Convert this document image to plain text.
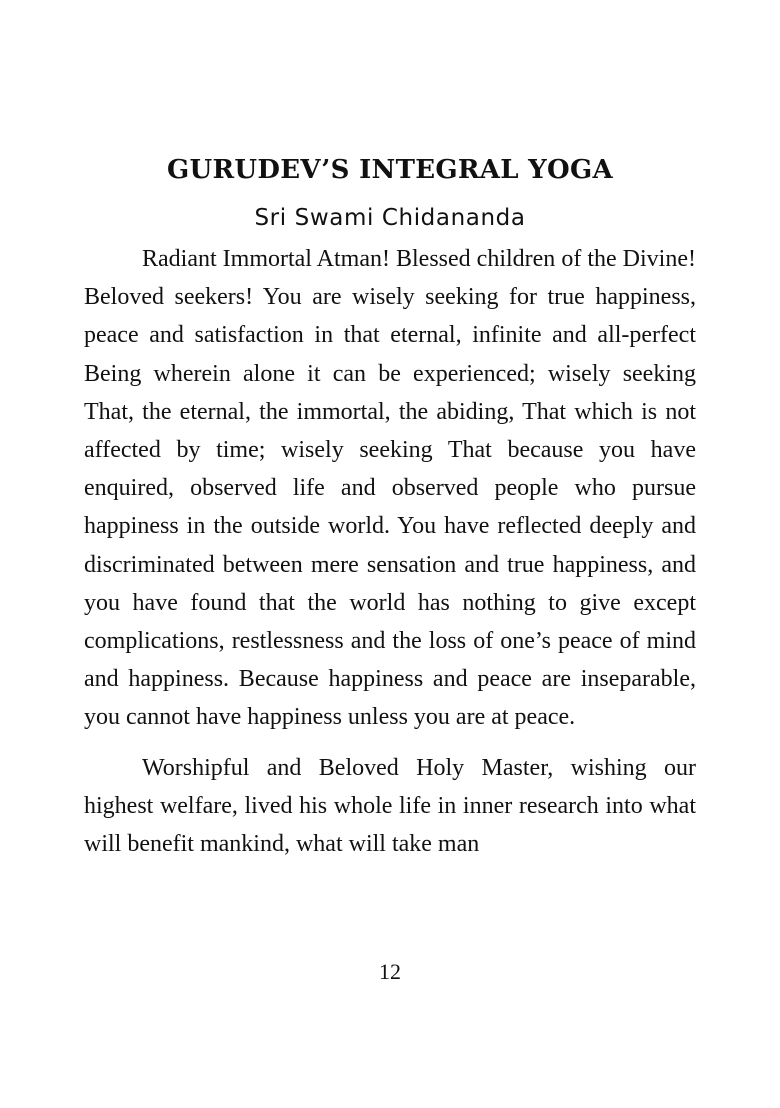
GURUDEV’S INTEGRAL YOGA
Sri Swami Chidananda

Radiant Immortal Atman! Blessed children of the Divine! Beloved seekers! You are wisely seeking for true happiness, peace and satisfaction in that eternal, infinite and all-perfect Being wherein alone it can be experienced; wisely seeking That, the eternal, the immortal, the abiding, That which is not affected by time; wisely seeking That because you have enquired, observed life and observed people who pursue happiness in the outside world. You have reflected deeply and discriminated between mere sensation and true happiness, and you have found that the world has nothing to give except complications, restlessness and the loss of one’s peace of mind and happiness. Because happiness and peace are inseparable, you cannot have happiness unless you are at peace.

Worshipful and Beloved Holy Master, wishing our highest welfare, lived his whole life in inner research into what will benefit mankind, what will take man

12
